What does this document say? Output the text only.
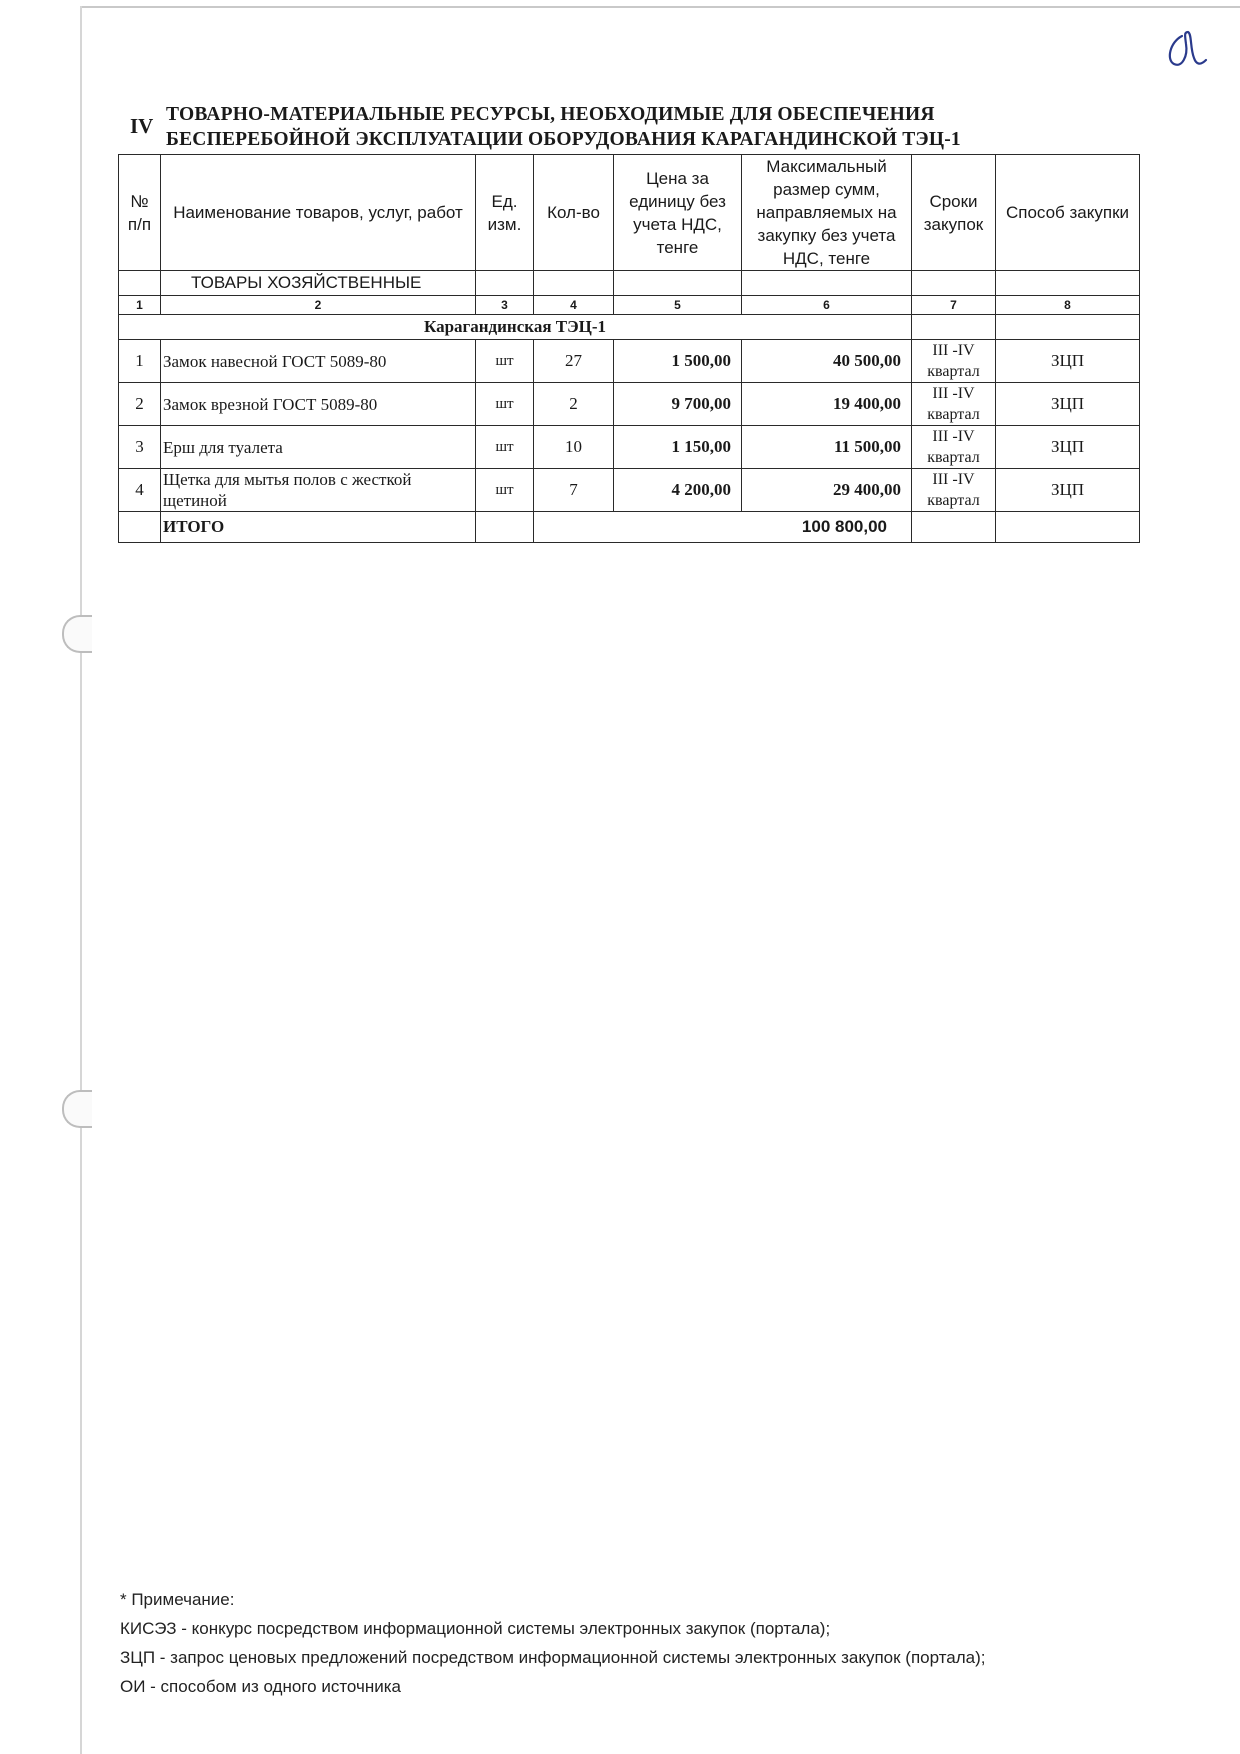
IV ТОВАРНО-МАТЕРИАЛЬНЫЕ РЕСУРСЫ, НЕОБХОДИМЫЕ ДЛЯ ОБЕСПЕЧЕНИЯ
БЕСПЕРЕБОЙНОЙ ЭКСПЛУАТАЦИИ ОБОРУДОВАНИЯ КАРАГАНДИНСКОЙ ТЭЦ-1
№ п/п	Наименование товаров, услуг, работ	Ед. изм.	Кол-во	Цена за единицу без учета НДС, тенге	Максимальный размер сумм, направляемых на закупку без учета НДС, тенге	Сроки закупок	Способ закупки
	ТОВАРЫ ХОЗЯЙСТВЕННЫЕ						
1	2	3	4	5	6	7	8
Карагандинская ТЭЦ-1							
1	Замок навесной ГОСТ 5089-80	шт	27	1 500,00	40 500,00	III -IV квартал	ЗЦП
2	Замок врезной ГОСТ 5089-80	шт	2	9 700,00	19 400,00	III -IV квартал	ЗЦП
3	Ерш для туалета	шт	10	1 150,00	11 500,00	III -IV квартал	ЗЦП
4	Щетка для мытья полов с жесткой щетиной	шт	7	4 200,00	29 400,00	III -IV квартал	ЗЦП
	ИТОГО		100 800,00				
* Примечание:
КИСЭЗ - конкурс посредством информационной системы электронных закупок (портала);
ЗЦП - запрос ценовых предложений посредством информационной системы электронных закупок (портала);
ОИ - способом из одного источника
